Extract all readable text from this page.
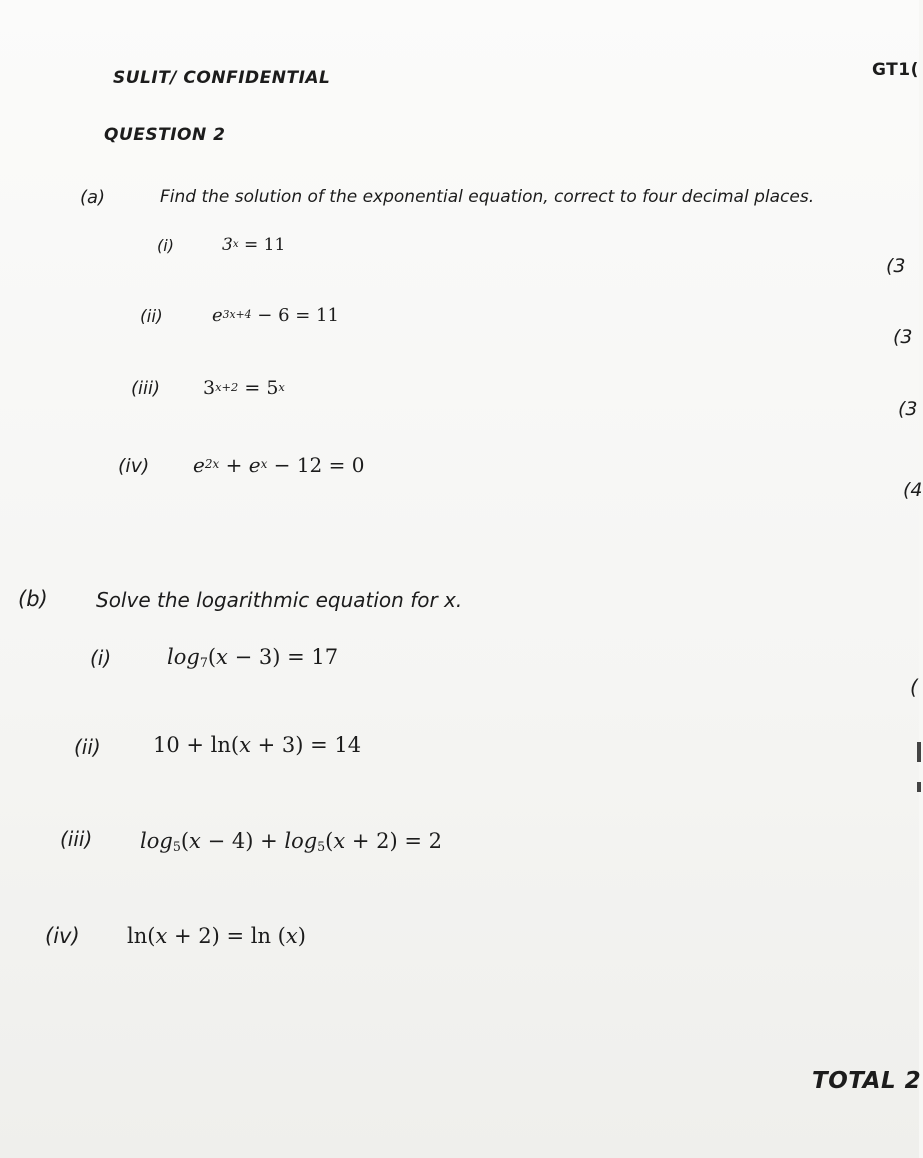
SULIT/ CONFIDENTIAL	GT1(
QUESTION 2
(a)	Find the solution of the exponential equation, correct to four decimal places.
(i)	$3^x = 11$
(3
(ii)	$e^{3x+4} - 6 = 11$
(3
(iii) $3^{x+2} = 5^x$
(3
(iv) $e^{2x} + e^x - 12 = 0$
(4
(b) Solve the logarithmic equation for x.
(i)	$\log_7(x - 3) = 17$
(
(ii) 10 + ln(x + 3) = 14
(iii) $\log_5(x - 4) + \log_5(x + 2) = 2$
(iv) ln(x + 2) = ln (x)
TOTAL 2
